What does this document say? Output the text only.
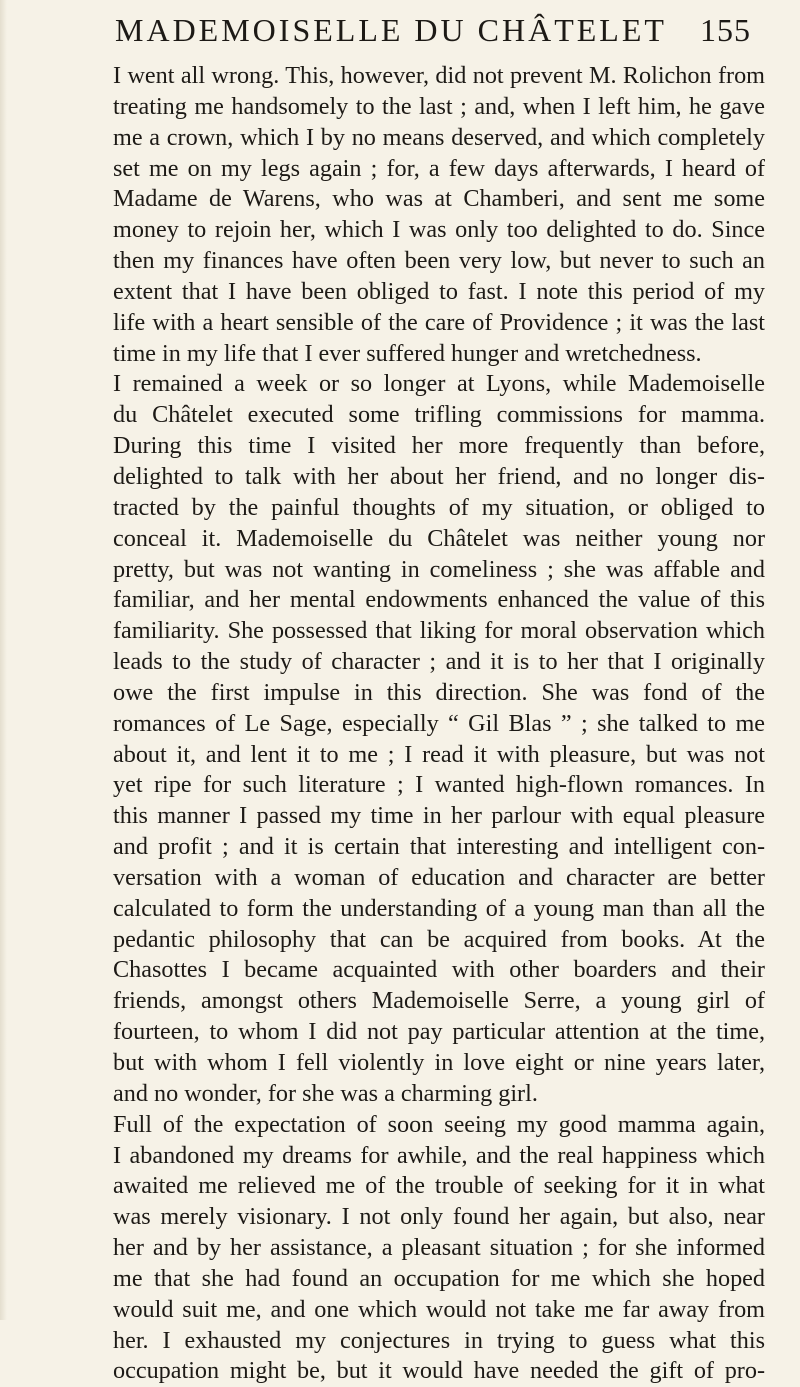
MADEMOISELLE DU CHÂTELET 155
I went all wrong. This, however, did not prevent M. Rolichon from
treating me handsomely to the last ; and, when I left him, he gave
me a crown, which I by no means deserved, and which completely
set me on my legs again ; for, a few days afterwards, I heard of
Madame de Warens, who was at Chamberi, and sent me some
money to rejoin her, which I was only too delighted to do. Since
then my finances have often been very low, but never to such an
extent that I have been obliged to fast. I note this period of my
life with a heart sensible of the care of Providence ; it was the last
time in my life that I ever suffered hunger and wretchedness.
I remained a week or so longer at Lyons, while Mademoiselle
du Châtelet executed some trifling commissions for mamma.
During this time I visited her more frequently than before,
delighted to talk with her about her friend, and no longer dis-
tracted by the painful thoughts of my situation, or obliged to
conceal it. Mademoiselle du Châtelet was neither young nor
pretty, but was not wanting in comeliness ; she was affable and
familiar, and her mental endowments enhanced the value of this
familiarity. She possessed that liking for moral observation which
leads to the study of character ; and it is to her that I originally
owe the first impulse in this direction. She was fond of the
romances of Le Sage, especially “ Gil Blas ” ; she talked to me
about it, and lent it to me ; I read it with pleasure, but was not
yet ripe for such literature ; I wanted high-flown romances. In
this manner I passed my time in her parlour with equal pleasure
and profit ; and it is certain that interesting and intelligent con-
versation with a woman of education and character are better
calculated to form the understanding of a young man than all the
pedantic philosophy that can be acquired from books. At the
Chasottes I became acquainted with other boarders and their
friends, amongst others Mademoiselle Serre, a young girl of
fourteen, to whom I did not pay particular attention at the time,
but with whom I fell violently in love eight or nine years later,
and no wonder, for she was a charming girl.
Full of the expectation of soon seeing my good mamma again,
I abandoned my dreams for awhile, and the real happiness which
awaited me relieved me of the trouble of seeking for it in what
was merely visionary. I not only found her again, but also, near
her and by her assistance, a pleasant situation ; for she informed
me that she had found an occupation for me which she hoped
would suit me, and one which would not take me far away from
her. I exhausted my conjectures in trying to guess what this
occupation might be, but it would have needed the gift of pro-
